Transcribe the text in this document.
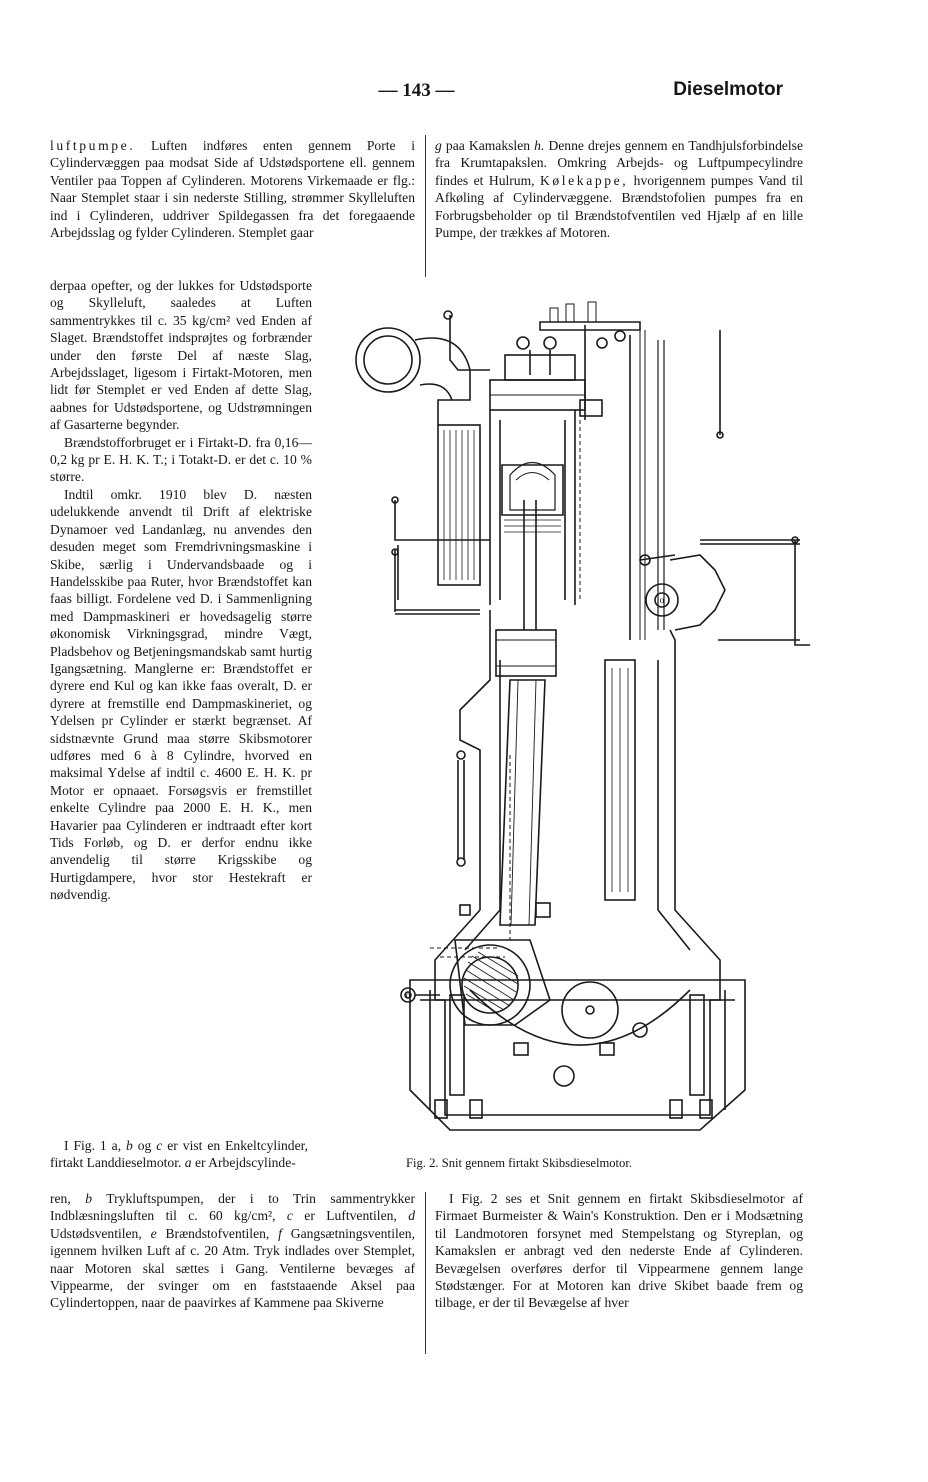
— 143 —	Dieselmotor

luftpumpe. Luften indføres enten gennem Porte i Cylindervæggen paa modsat Side af Udstødsportene ell. gennem Ventiler paa Toppen af Cylinderen. Motorens Virkemaade er flg.: Naar Stemplet staar i sin nederste Stilling, strømmer Skylleluften ind i Cylinderen, uddriver Spildegassen fra det foregaaende Arbejdsslag og fylder Cylinderen. Stemplet gaar

g paa Kamakslen h. Denne drejes gennem en Tandhjulsforbindelse fra Krumtapakslen. Omkring Arbejds- og Luftpumpecylindre findes et Hulrum, Kølekappe, hvorigennem pumpes Vand til Afkøling af Cylindervæggene. Brændstofolien pumpes fra en Forbrugsbeholder op til Brændstofventilen ved Hjælp af en lille Pumpe, der trækkes af Motoren.

derpaa opefter, og der lukkes for Udstødsporte og Skylleluft, saaledes at Luften sammentrykkes til c. 35 kg/cm² ved Enden af Slaget. Brændstoffet indsprøjtes og forbrænder under den første Del af næste Slag, Arbejdsslaget, ligesom i Firtakt-Motoren, men lidt før Stemplet er ved Enden af dette Slag, aabnes for Udstødsportene, og Udstrømningen af Gasarterne begynder.

Brændstofforbruget er i Firtakt-D. fra 0,16—0,2 kg pr E. H. K. T.; i Totakt-D. er det c. 10 % større.

Indtil omkr. 1910 blev D. næsten udelukkende anvendt til Drift af elektriske Dynamoer ved Landanlæg, nu anvendes den desuden meget som Fremdrivningsmaskine i Skibe, særlig i Undervandsbaade og i Handelsskibe paa Ruter, hvor Brændstoffet kan faas billigt. Fordelene ved D. i Sammenligning med Dampmaskineri er hovedsagelig større økonomisk Virkningsgrad, mindre Vægt, Pladsbehov og Betjeningsmandskab samt hurtig Igangsætning. Manglerne er: Brændstoffet er dyrere end Kul og kan ikke faas overalt, D. er dyrere at fremstille end Dampmaskineriet, og Ydelsen pr Cylinder er stærkt begrænset. Af sidstnævnte Grund maa større Skibsmotorer udføres med 6 à 8 Cylindre, hvorved en maksimal Ydelse af indtil c. 4600 E. H. K. pr Motor er opnaaet. Forsøgsvis er fremstillet enkelte Cylindre paa 2000 E. H. K., men Havarier paa Cylinderen er indtraadt efter kort Tids Forløb, og D. er derfor endnu ikke anvendelig til større Krigsskibe og Hurtigdampere, hvor stor Hestekraft er nødvendig.

I Fig. 1 a, b og c er vist en Enkeltcylinder, firtakt Landdieselmotor. a er Arbejdscylinde-

o
o
Fig. 2. Snit gennem firtakt Skibsdieselmotor.

ren, b Trykluftspumpen, der i to Trin sammentrykker Indblæsningsluften til c. 60 kg/cm², c er Luftventilen, d Udstødsventilen, e Brændstofventilen, f Gangsætningsventilen, igennem hvilken Luft af c. 20 Atm. Tryk indlades over Stemplet, naar Motoren skal sættes i Gang. Ventilerne bevæges af Vippearme, der svinger om en faststaaende Aksel paa Cylindertoppen, naar de paavirkes af Kammene paa Skiverne

I Fig. 2 ses et Snit gennem en firtakt Skibsdieselmotor af Firmaet Burmeister & Wain's Konstruktion. Den er i Modsætning til Landmotoren forsynet med Stempelstang og Styreplan, og Kamakslen er anbragt ved den nederste Ende af Cylinderen. Bevægelsen overføres derfor til Vippearmene gennem lange Stødstænger. For at Motoren kan drive Skibet baade frem og tilbage, er der til Bevægelse af hver
